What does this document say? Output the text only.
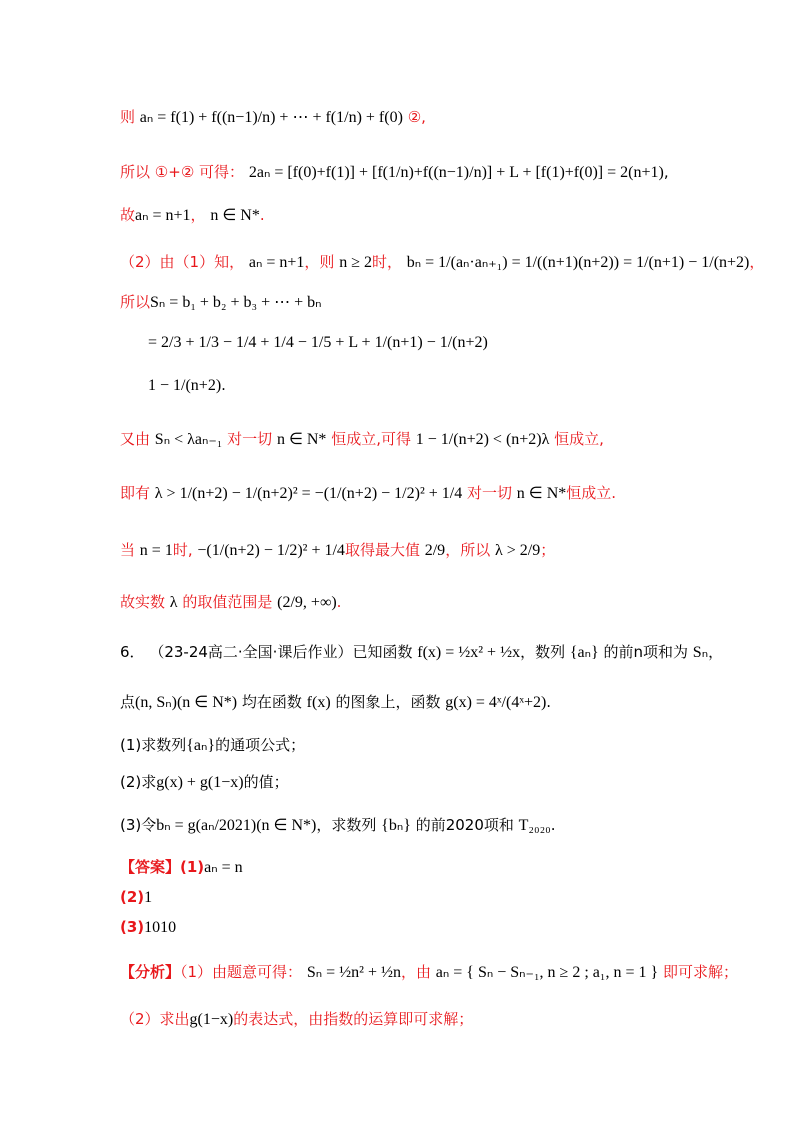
则 aₙ = f(1) + f((n−1)/n) + ⋯ + f(1/n) + f(0) ②,
所以 ①+② 可得： 2aₙ = [f(0)+f(1)] + [f(1/n)+f((n−1)/n)] + L + [f(1)+f(0)] = 2(n+1),
故aₙ = n+1， n ∈ N*.
（2）由（1）知， aₙ = n+1，则 n ≥ 2时， bₙ = 1/(aₙ·aₙ₊₁) = 1/((n+1)(n+2)) = 1/(n+1) − 1/(n+2)，
所以Sₙ = b₁ + b₂ + b₃ + ⋯ + bₙ
= 2/3 + 1/3 − 1/4 + 1/4 − 1/5 + L + 1/(n+1) − 1/(n+2)
1 − 1/(n+2).
又由 Sₙ < λaₙ₋₁ 对一切 n ∈ N* 恒成立,可得 1 − 1/(n+2) < (n+2)λ 恒成立,
即有 λ > 1/(n+2) − 1/(n+2)² = −(1/(n+2) − 1/2)² + 1/4 对一切 n ∈ N*恒成立.
当 n = 1时, −(1/(n+2) − 1/2)² + 1/4取得最大值 2/9，所以 λ > 2/9；
故实数 λ 的取值范围是 (2/9, +∞).
6． （23-24高二·全国·课后作业）已知函数 f(x) = ½x² + ½x，数列 {aₙ} 的前n项和为 Sₙ，
点(n, Sₙ)(n ∈ N*) 均在函数 f(x) 的图象上，函数 g(x) = 4ˣ/(4ˣ+2).
(1)求数列{aₙ}的通项公式；
(2)求g(x) + g(1−x)的值；
(3)令bₙ = g(aₙ/2021)(n ∈ N*)，求数列 {bₙ} 的前2020项和 T₂₀₂₀.
【答案】(1)aₙ = n
(2)1
(3)1010
【分析】（1）由题意可得： Sₙ = ½n² + ½n，由 aₙ = { Sₙ − Sₙ₋₁, n ≥ 2 ; a₁, n = 1 } 即可求解；
（2）求出g(1−x)的表达式，由指数的运算即可求解；
